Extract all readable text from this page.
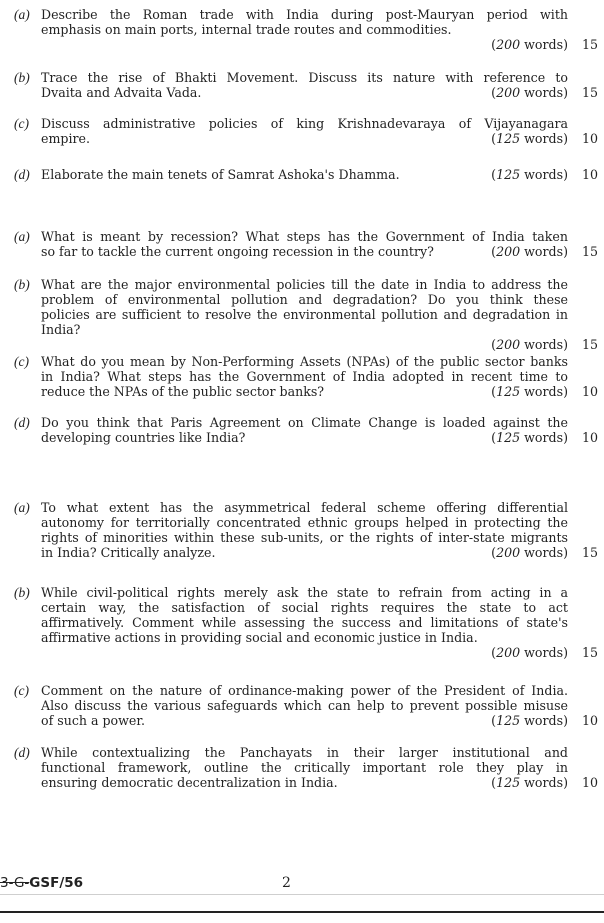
(a) Describe the Roman trade with India during post-Mauryan period with
emphasis on main ports, internal trade routes and commodities.
(200 words) 15
(b) Trace the rise of Bhakti Movement. Discuss its nature with reference to
Dvaita and Advaita Vada.	(200 words) 15
(c) Discuss administrative policies of king Krishnadevaraya of Vijayanagara
empire.	(125 words) 10
(d) Elaborate the main tenets of Samrat Ashoka's Dhamma.	(125 words) 10
(a) What is meant by recession? What steps has the Government of India taken
so far to tackle the current ongoing recession in the country?	(200 words) 15
(b) What are the major environmental policies till the date in India to address the
problem of environmental pollution and degradation? Do you think these
policies are sufficient to resolve the environmental pollution and degradation in
India?
(200 words) 15
(c) What do you mean by Non-Performing Assets (NPAs) of the public sector banks
in India? What steps has the Government of India adopted in recent time to
reduce the NPAs of the public sector banks?	(125 words) 10
(d) Do you think that Paris Agreement on Climate Change is loaded against the
developing countries like India?	(125 words) 10
(a) To what extent has the asymmetrical federal scheme offering differential
autonomy for territorially concentrated ethnic groups helped in protecting the
rights of minorities within these sub-units, or the rights of inter-state migrants
in India? Critically analyze.	(200 words) 15
(b) While civil-political rights merely ask the state to refrain from acting in a
certain way, the satisfaction of social rights requires the state to act
affirmatively. Comment while assessing the success and limitations of state's
affirmative actions in providing social and economic justice in India.
(200 words) 15
(c) Comment on the nature of ordinance-making power of the President of India.
Also discuss the various safeguards which can help to prevent possible misuse
of such a power.	(125 words) 10
(d) While contextualizing the Panchayats in their larger institutional and
functional framework, outline the critically important role they play in
ensuring democratic decentralization in India.	(125 words) 10
3-G-GSF/56	2
